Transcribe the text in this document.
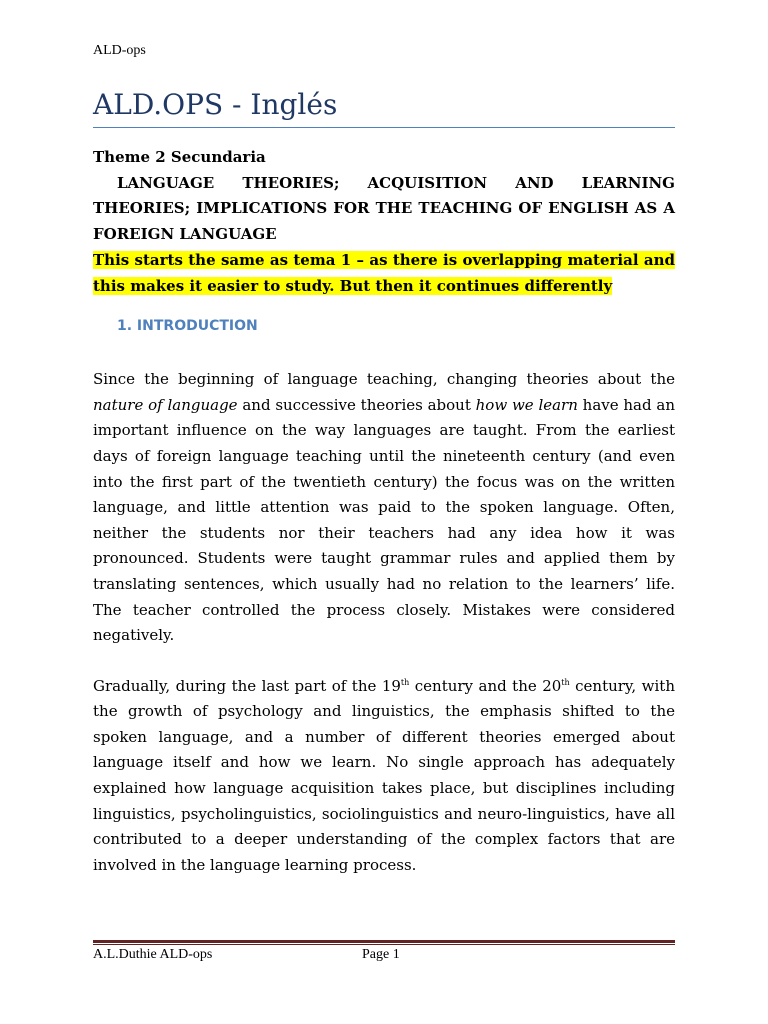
ALD-ops
ALD.OPS - Inglés
Theme 2 Secundaria
LANGUAGE THEORIES; ACQUISITION AND LEARNING THEORIES; IMPLICATIONS FOR THE TEACHING OF ENGLISH AS A FOREIGN LANGUAGE
This starts the same as tema 1 – as there is overlapping material and this makes it easier to study. But then it continues differently
1. INTRODUCTION

Since the beginning of language teaching, changing theories about the nature of language and successive theories about how we learn have had an important influence on the way languages are taught. From the earliest days of foreign language teaching until the nineteenth century (and even into the first part of the twentieth century) the focus was on the written language, and little attention was paid to the spoken language. Often, neither the students nor their teachers had any idea how it was pronounced. Students were taught grammar rules and applied them by translating sentences, which usually had no relation to the learners’ life. The teacher controlled the process closely. Mistakes were considered negatively.

Gradually, during the last part of the 19th century and the 20th century, with the growth of psychology and linguistics, the emphasis shifted to the spoken language, and a number of different theories emerged about language itself and how we learn. No single approach has adequately explained how language acquisition takes place, but disciplines including linguistics, psycholinguistics, sociolinguistics and neuro-linguistics, have all contributed to a deeper understanding of the complex factors that are involved in the language learning process.

A.L.Duthie ALD-ops	Page 1
